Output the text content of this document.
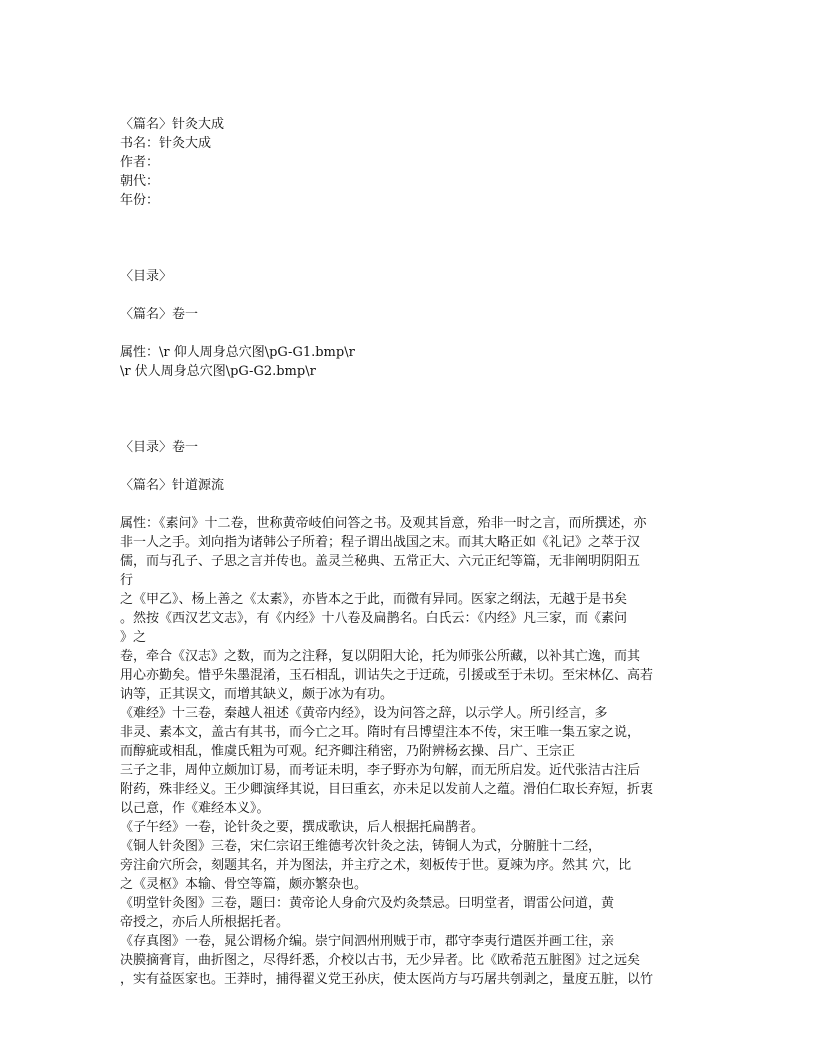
〈篇名〉针灸大成

书名：针灸大成

作者：

朝代：

年份：

〈目录〉

〈篇名〉卷一

属性：\r 仰人周身总穴图\pG-G1.bmp\r

\r 伏人周身总穴图\pG-G2.bmp\r

〈目录〉卷一

〈篇名〉针道源流

属性：《素问》十二卷，世称黄帝岐伯问答之书。及观其旨意，殆非一时之言，而所撰述，亦

非一人之手。刘向指为诸韩公子所着；程子谓出战国之末。而其大略正如《礼记》之萃于汉

儒，而与孔子、子思之言并传也。盖灵兰秘典、五常正大、六元正纪等篇，无非阐明阴阳五

行

之《甲乙》、杨上善之《太素》，亦皆本之于此，而微有异同。医家之纲法，无越于是书矣

。然按《西汉艺文志》，有《内经》十八卷及扁鹊名。白氏云：《内经》凡三家，而《素问

》之

卷，牵合《汉志》之数，而为之注释，复以阴阳大论，托为师张公所藏，以补其亡逸，而其

用心亦勤矣。惜乎朱墨混淆，玉石相乱，训诂失之于迂疏，引援或至于未切。至宋林亿、高若

讷等，正其误文，而增其缺义，颇于冰为有功。

《难经》十三卷，秦越人祖述《黄帝内经》，设为问答之辞，以示学人。所引经言，多

非灵、素本文，盖古有其书，而今亡之耳。隋时有吕博望注本不传，宋王唯一集五家之说，

而醇疵或相乱，惟虞氏粗为可观。纪齐卿注稍密，乃附辨杨玄操、吕广、王宗正

三子之非，周仲立颇加订易，而考证未明，李子野亦为句解，而无所启发。近代张洁古注后

附药，殊非经义。王少卿演绎其说，目曰重玄，亦未足以发前人之蕴。滑伯仁取长弃短，折衷

以己意，作《难经本义》。

《子午经》一卷，论针灸之要，撰成歌诀，后人根据托扁鹊者。

《铜人针灸图》三卷，宋仁宗诏王维德考次针灸之法，铸铜人为式，分腑脏十二经，

旁注俞穴所会，刻题其名，并为图法，并主疗之术，刻板传于世。夏竦为序。然其 穴，比

之《灵枢》本输、骨空等篇，颇亦繁杂也。

《明堂针灸图》三卷，题曰：黄帝论人身俞穴及灼灸禁忌。曰明堂者，谓雷公问道，黄

帝授之，亦后人所根据托者。

《存真图》一卷，晁公谓杨介编。崇宁间泗州刑贼于市，郡守李夷行遣医并画工往，亲

决膜摘膏肓，曲折图之，尽得纤悉，介校以古书，无少异者。比《欧希范五脏图》过之远矣

，实有益医家也。王莽时，捕得翟义党王孙庆，使太医尚方与巧屠共刳剥之，量度五脏，以竹
